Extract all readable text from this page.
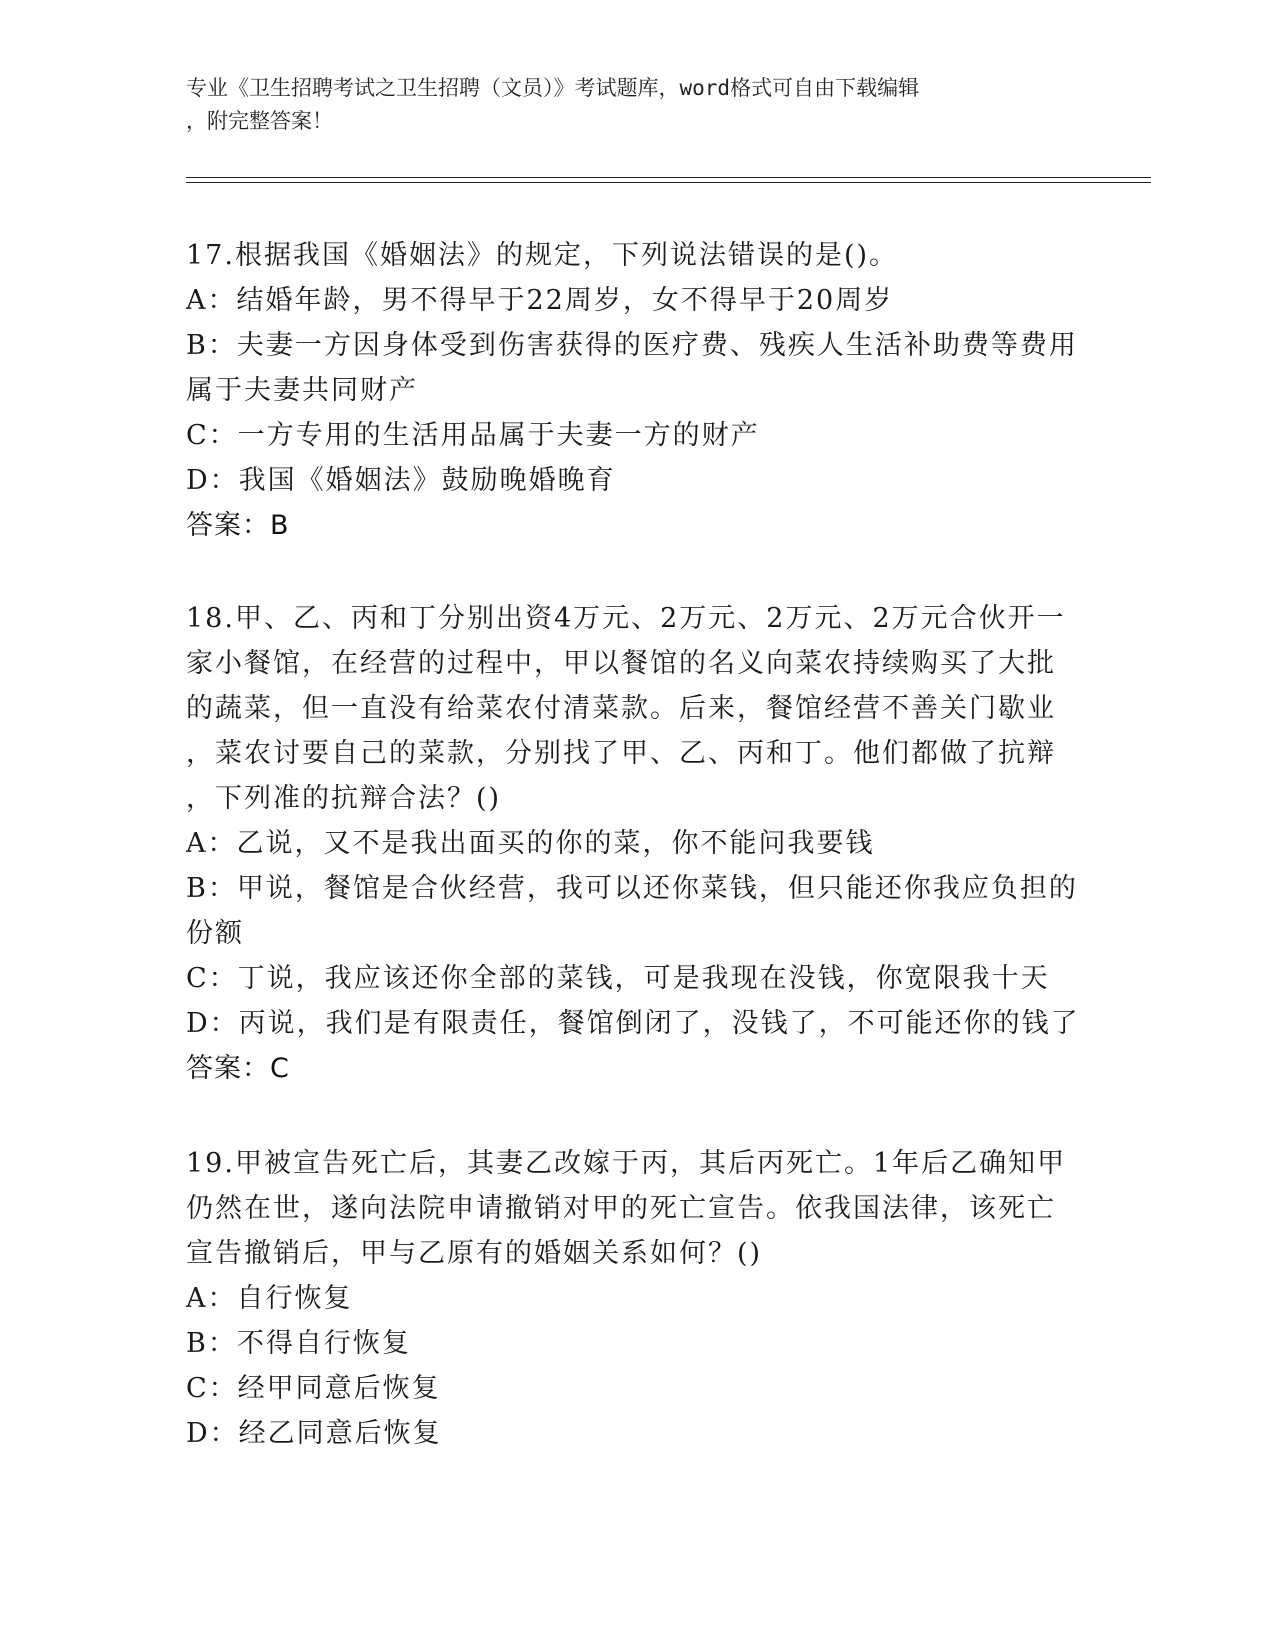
专业《卫生招聘考试之卫生招聘（文员）》考试题库，word格式可自由下载编辑
，附完整答案！
17.根据我国《婚姻法》的规定，下列说法错误的是()。
A：结婚年龄，男不得早于22周岁，女不得早于20周岁
B：夫妻一方因身体受到伤害获得的医疗费、残疾人生活补助费等费用
属于夫妻共同财产
C：一方专用的生活用品属于夫妻一方的财产
D：我国《婚姻法》鼓励晚婚晚育
答案：B
18.甲、乙、丙和丁分别出资4万元、2万元、2万元、2万元合伙开一
家小餐馆，在经营的过程中，甲以餐馆的名义向菜农持续购买了大批
的蔬菜，但一直没有给菜农付清菜款。后来，餐馆经营不善关门歇业
，菜农讨要自己的菜款，分别找了甲、乙、丙和丁。他们都做了抗辩
，下列准的抗辩合法？()
A：乙说，又不是我出面买的你的菜，你不能问我要钱
B：甲说，餐馆是合伙经营，我可以还你菜钱，但只能还你我应负担的
份额
C：丁说，我应该还你全部的菜钱，可是我现在没钱，你宽限我十天
D：丙说，我们是有限责任，餐馆倒闭了，没钱了，不可能还你的钱了
答案：C
19.甲被宣告死亡后，其妻乙改嫁于丙，其后丙死亡。1年后乙确知甲
仍然在世，遂向法院申请撤销对甲的死亡宣告。依我国法律，该死亡
宣告撤销后，甲与乙原有的婚姻关系如何？()
A：自行恢复
B：不得自行恢复
C：经甲同意后恢复
D：经乙同意后恢复
